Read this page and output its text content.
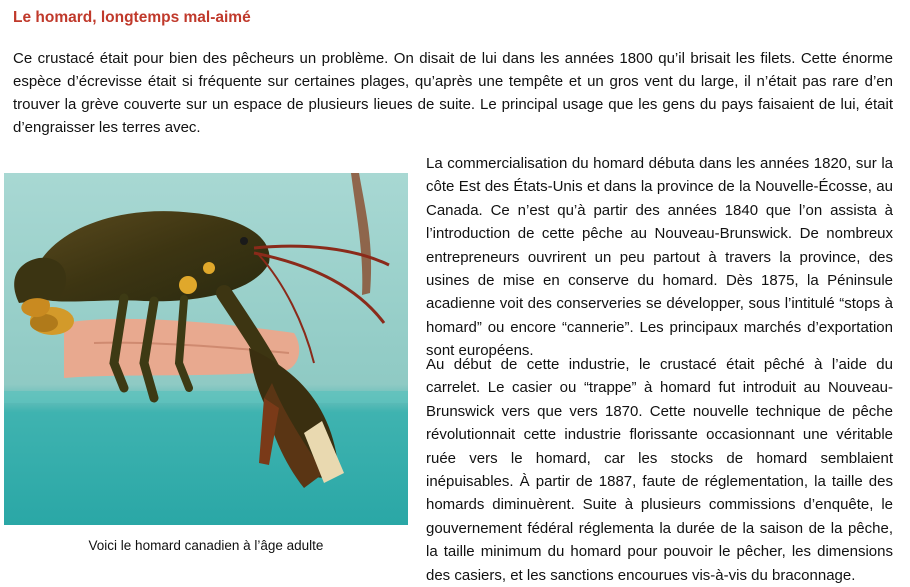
Le homard, longtemps mal-aimé

Ce crustacé était pour bien des pêcheurs un problème. On disait de lui dans les années 1800 qu’il brisait les filets. Cette énorme espèce d’écrevisse était si fréquente sur certaines plages, qu’après une tempête et un gros vent du large, il n’était pas rare d’en trouver la grève couverte sur un espace de plusieurs lieues de suite. Le principal usage que les gens du pays faisaient de lui, était d’engraisser les terres avec.

Voici le homard canadien à l’âge adulte

La commercialisation du homard débuta dans les années 1820, sur la côte Est des États-Unis et dans la province de la Nouvelle-Écosse, au Canada. Ce n’est qu’à partir des années 1840 que l’on assista à l’introduction de cette pêche au Nouveau-Brunswick. De nombreux entrepreneurs ouvrirent un peu partout à travers la province, des usines de mise en conserve du homard. Dès 1875, la Péninsule acadienne voit des conserveries se développer, sous l’intitulé “stops à homard” ou encore “cannerie”. Les principaux marchés d’exportation sont européens.

Au début de cette industrie, le crustacé était pêché à l’aide du carrelet. Le casier ou “trappe” à homard fut introduit au Nouveau-Brunswick vers que vers 1870. Cette nouvelle technique de pêche révolutionnait cette industrie florissante occasionnant une véritable ruée vers le homard, car les stocks de homard semblaient inépuisables. À partir de 1887, faute de réglementation, la taille des homards diminuèrent. Suite à plusieurs commissions d’enquête, le gouvernement fédéral réglementa la durée de la saison de la pêche, la taille minimum du homard pour pouvoir le pêcher, les dimensions des casiers, et les sanctions encourues vis-à-vis du braconnage.
